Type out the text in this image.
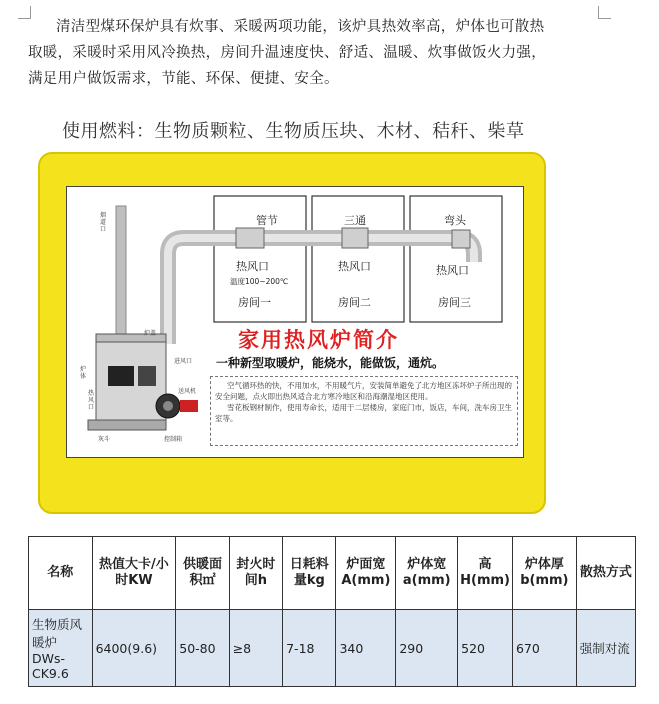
清洁型煤环保炉具有炊事、采暖两项功能，该炉具热效率高，炉体也可散热

取暖，采暖时采用风冷换热，房间升温速度快、舒适、温暖、炊事做饭火力强，

满足用户做饭需求，节能、环保、便捷、安全。

使用燃料：生物质颗粒、生物质压块、木材、秸秆、柴草
管节	三通	弯头
热风口
温度100~200℃
热风口	热风口
房间一	房间二	房间三
烟道口
炉盖
进风口
炉体
热风口
送风机
灰斗	控制箱
家用热风炉简介
一种新型取暖炉，能烧水，能做饭，通炕。

空气循环热的快，不用加水，不用暖气片，安装简单避免了北方地区冻坏炉子所出现的安全问题，点火即出热风适合北方寒冷地区和沿海潮湿地区使用。

雪花板钢材制作，使用寿命长，适用于二层楼房，家庭门市，饭店，车间，洗车房卫生室等。

名称	热值大卡/小时KW	供暖面积㎡	封火时间h	日耗料量kg	炉面宽A(mm)	炉体宽a(mm)	高H(mm)	炉体厚b(mm)	散热方式
生物质风暖炉DWs-CK9.6	6400(9.6)	50-80	≥8	7-18	340	290	520	670	强制对流
